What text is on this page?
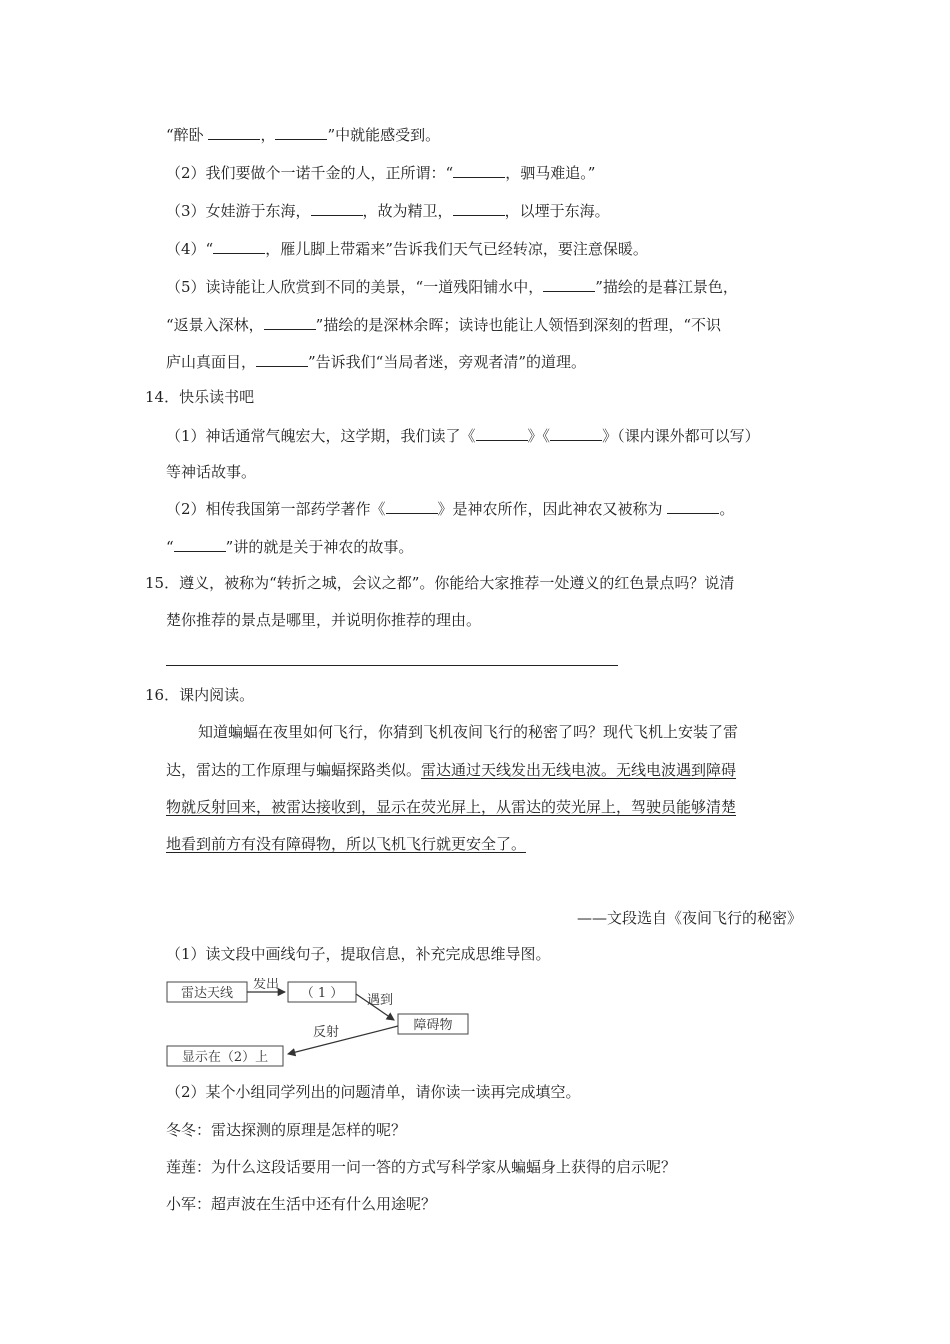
“醉卧	，	”中就能感受到。
（2）我们要做个一诺千金的人，正所谓：“	，驷马难追。”
（3）女娃游于东海，	，故为精卫，	，以堙于东海。
（4）“	，雁儿脚上带霜来”告诉我们天气已经转凉，要注意保暖。
（5）读诗能让人欣赏到不同的美景，“一道残阳铺水中，	”描绘的是暮江景色，
“返景入深林，	”描绘的是深林余晖；读诗也能让人领悟到深刻的哲理，“不识
庐山真面目，	”告诉我们“当局者迷，旁观者清”的道理。
14．快乐读书吧
（1）神话通常气魄宏大，这学期，我们读了《	》《	》（课内课外都可以写）
等神话故事。
（2）相传我国第一部药学著作《	》是神农所作，因此神农又被称为	。
“	”讲的就是关于神农的故事。
15．遵义，被称为“转折之城，会议之都”。你能给大家推荐一处遵义的红色景点吗？说清
楚你推荐的景点是哪里，并说明你推荐的理由。
16．课内阅读。
知道蝙蝠在夜里如何飞行，你猜到飞机夜间飞行的秘密了吗？现代飞机上安装了雷
达，雷达的工作原理与蝙蝠探路类似。雷达通过天线发出无线电波。无线电波遇到障碍
物就反射回来，被雷达接收到，显示在荧光屏上，从雷达的荧光屏上，驾驶员能够清楚
地看到前方有没有障碍物，所以飞机飞行就更安全了。
——文段选自《夜间飞行的秘密》
（1）读文段中画线句子，提取信息，补充完成思维导图。
雷达天线
发出
（ 1 ） 遇到
障碍物
反射
显示在（2）上
（2）某个小组同学列出的问题清单，请你读一读再完成填空。
冬冬：雷达探测的原理是怎样的呢？
莲莲：为什么这段话要用一问一答的方式写科学家从蝙蝠身上获得的启示呢？
小军：超声波在生活中还有什么用途呢？
